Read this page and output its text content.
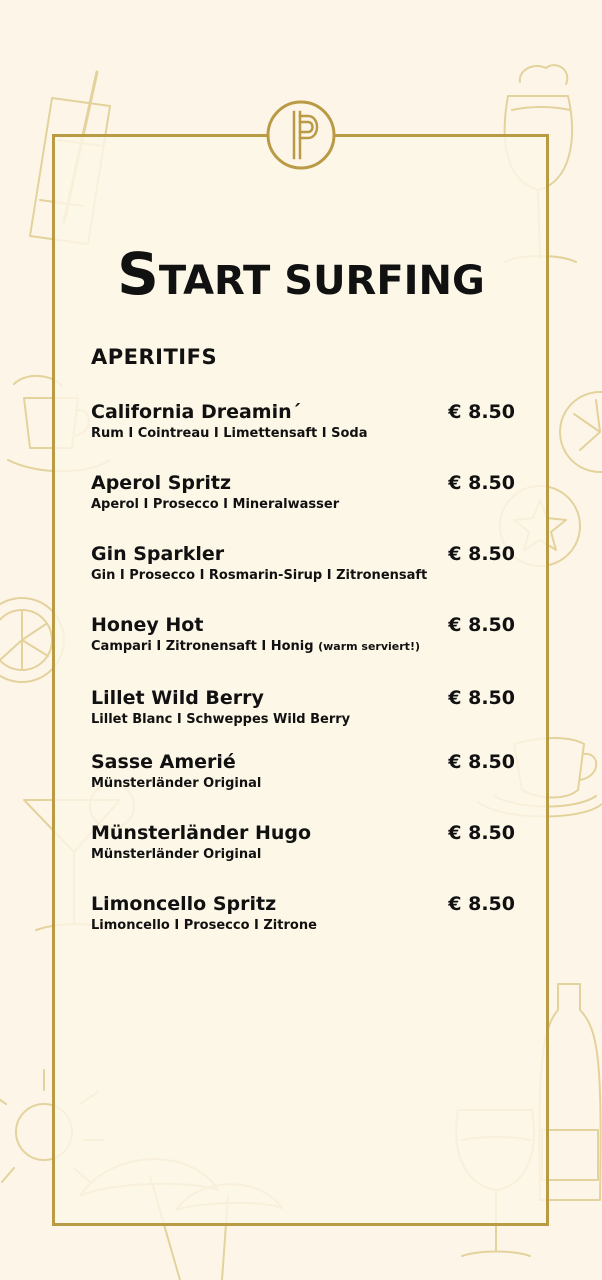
START SURFING
APERITIFS
California Dreamin´	€ 8.50
Rum I Cointreau I Limettensaft I Soda
Aperol Spritz	€ 8.50
Aperol I Prosecco I Mineralwasser
Gin Sparkler	€ 8.50
Gin I Prosecco I Rosmarin-Sirup I Zitronensaft
Honey Hot	€ 8.50
Campari I Zitronensaft I Honig (warm serviert!)
Lillet Wild Berry	€ 8.50
Lillet Blanc I Schweppes Wild Berry
Sasse Amerié	€ 8.50
Münsterländer Original
Münsterländer Hugo	€ 8.50
Münsterländer Original
Limoncello Spritz	€ 8.50
Limoncello I Prosecco I Zitrone
